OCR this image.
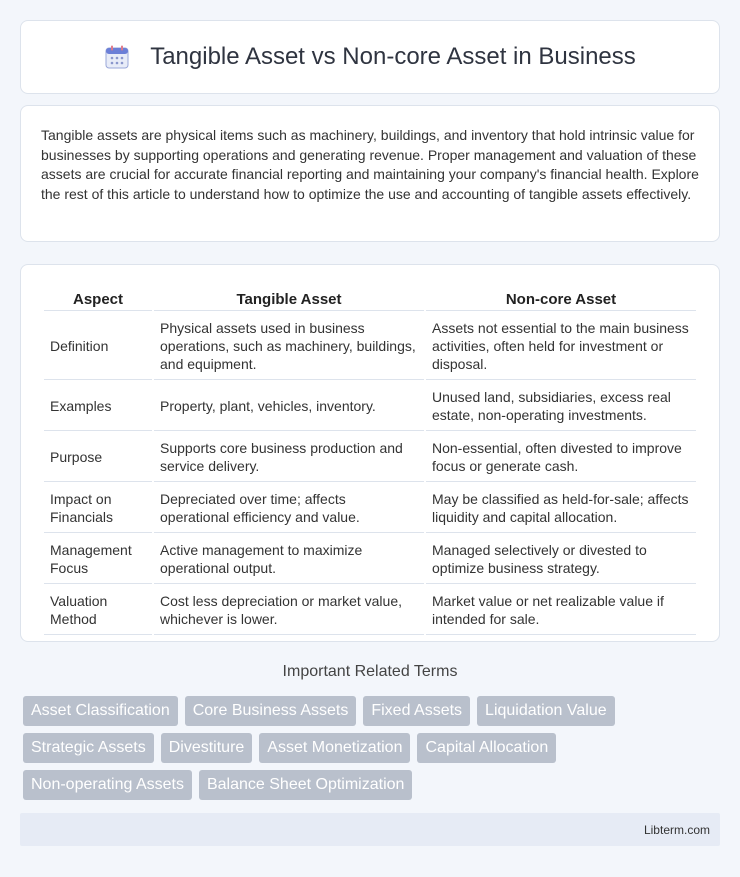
Tangible Asset vs Non-core Asset in Business

Tangible assets are physical items such as machinery, buildings, and inventory that hold intrinsic value for businesses by supporting operations and generating revenue. Proper management and valuation of these assets are crucial for accurate financial reporting and maintaining your company's financial health. Explore the rest of this article to understand how to optimize the use and accounting of tangible assets effectively.

Aspect	Tangible Asset	Non-core Asset
Definition	Physical assets used in business operations, such as machinery, buildings, and equipment.	Assets not essential to the main business activities, often held for investment or disposal.
Examples	Property, plant, vehicles, inventory.	Unused land, subsidiaries, excess real estate, non-operating investments.
Purpose	Supports core business production and service delivery.	Non-essential, often divested to improve focus or generate cash.
Impact on Financials	Depreciated over time; affects operational efficiency and value.	May be classified as held-for-sale; affects liquidity and capital allocation.
Management Focus	Active management to maximize operational output.	Managed selectively or divested to optimize business strategy.
Valuation Method	Cost less depreciation or market value, whichever is lower.	Market value or net realizable value if intended for sale.
Important Related Terms
Asset Classification	Core Business Assets	Fixed Assets	Liquidation Value
Strategic Assets	Divestiture	Asset Monetization	Capital Allocation
Non-operating Assets	Balance Sheet Optimization
Libterm.com
